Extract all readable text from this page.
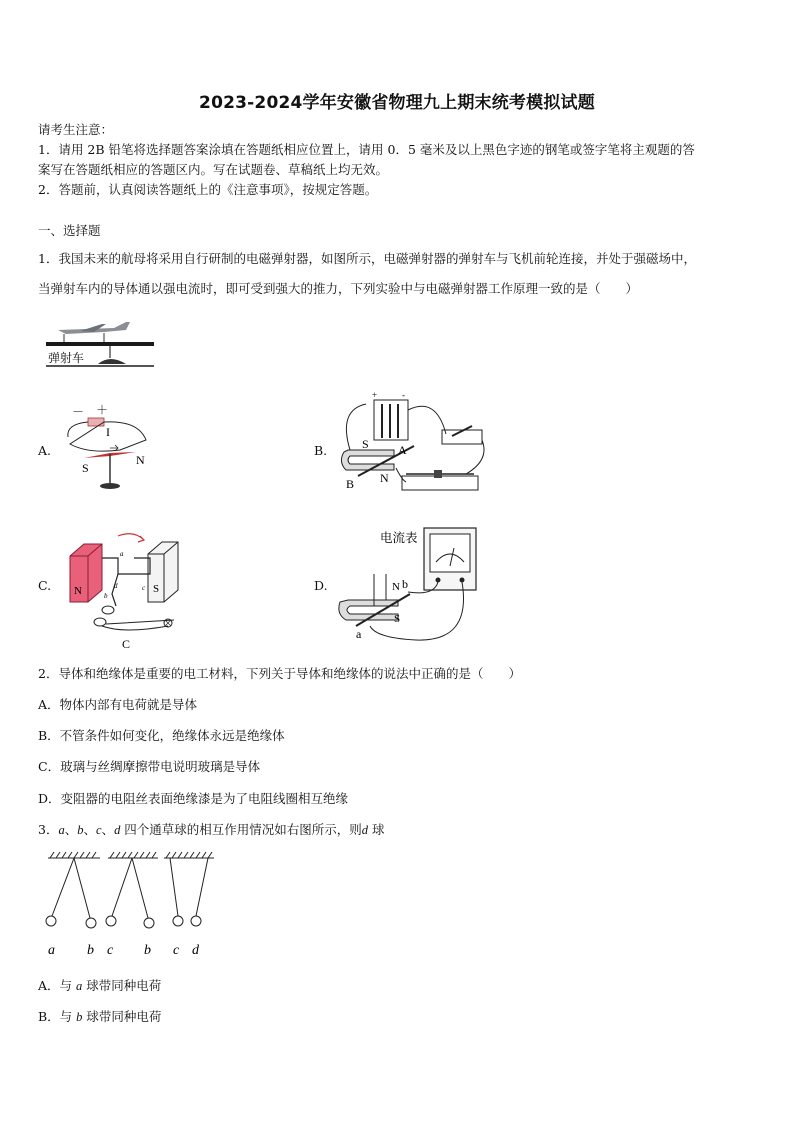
2023-2024学年安徽省物理九上期末统考模拟试题
请考生注意：
1．请用 2B 铅笔将选择题答案涂填在答题纸相应位置上，请用 0．5 毫米及以上黑色字迹的钢笔或签字笔将主观题的答
案写在答题纸相应的答题区内。写在试题卷、草稿纸上均无效。
2．答题前，认真阅读答题纸上的《注意事项》，按规定答题。
一、选择题
1．我国未来的航母将采用自行研制的电磁弹射器，如图所示，电磁弹射器的弹射车与飞机前轮连接，并处于强磁场中，
当弹射车内的导体通以强电流时，即可受到强大的推力，下列实验中与电磁弹射器工作原理一致的是（　　）
弹射车
A.
－ ＋
I
S
N
B.
+	-
S A
B N
C. N	S
a
b
c
d
C
D.
电流表
N b
a
S
2．导体和绝缘体是重要的电工材料，下列关于导体和绝缘体的说法中正确的是（　　）
A．物体内部有电荷就是导体
B．不管条件如何变化，绝缘体永远是绝缘体
C．玻璃与丝绸摩擦带电说明玻璃是导体
D．变阻器的电阻丝表面绝缘漆是为了电阻线圈相互绝缘
3．a、b、c、d 四个通草球的相互作用情况如右图所示，则d 球
a b c b c d
A．与 a 球带同种电荷
B．与 b 球带同种电荷
